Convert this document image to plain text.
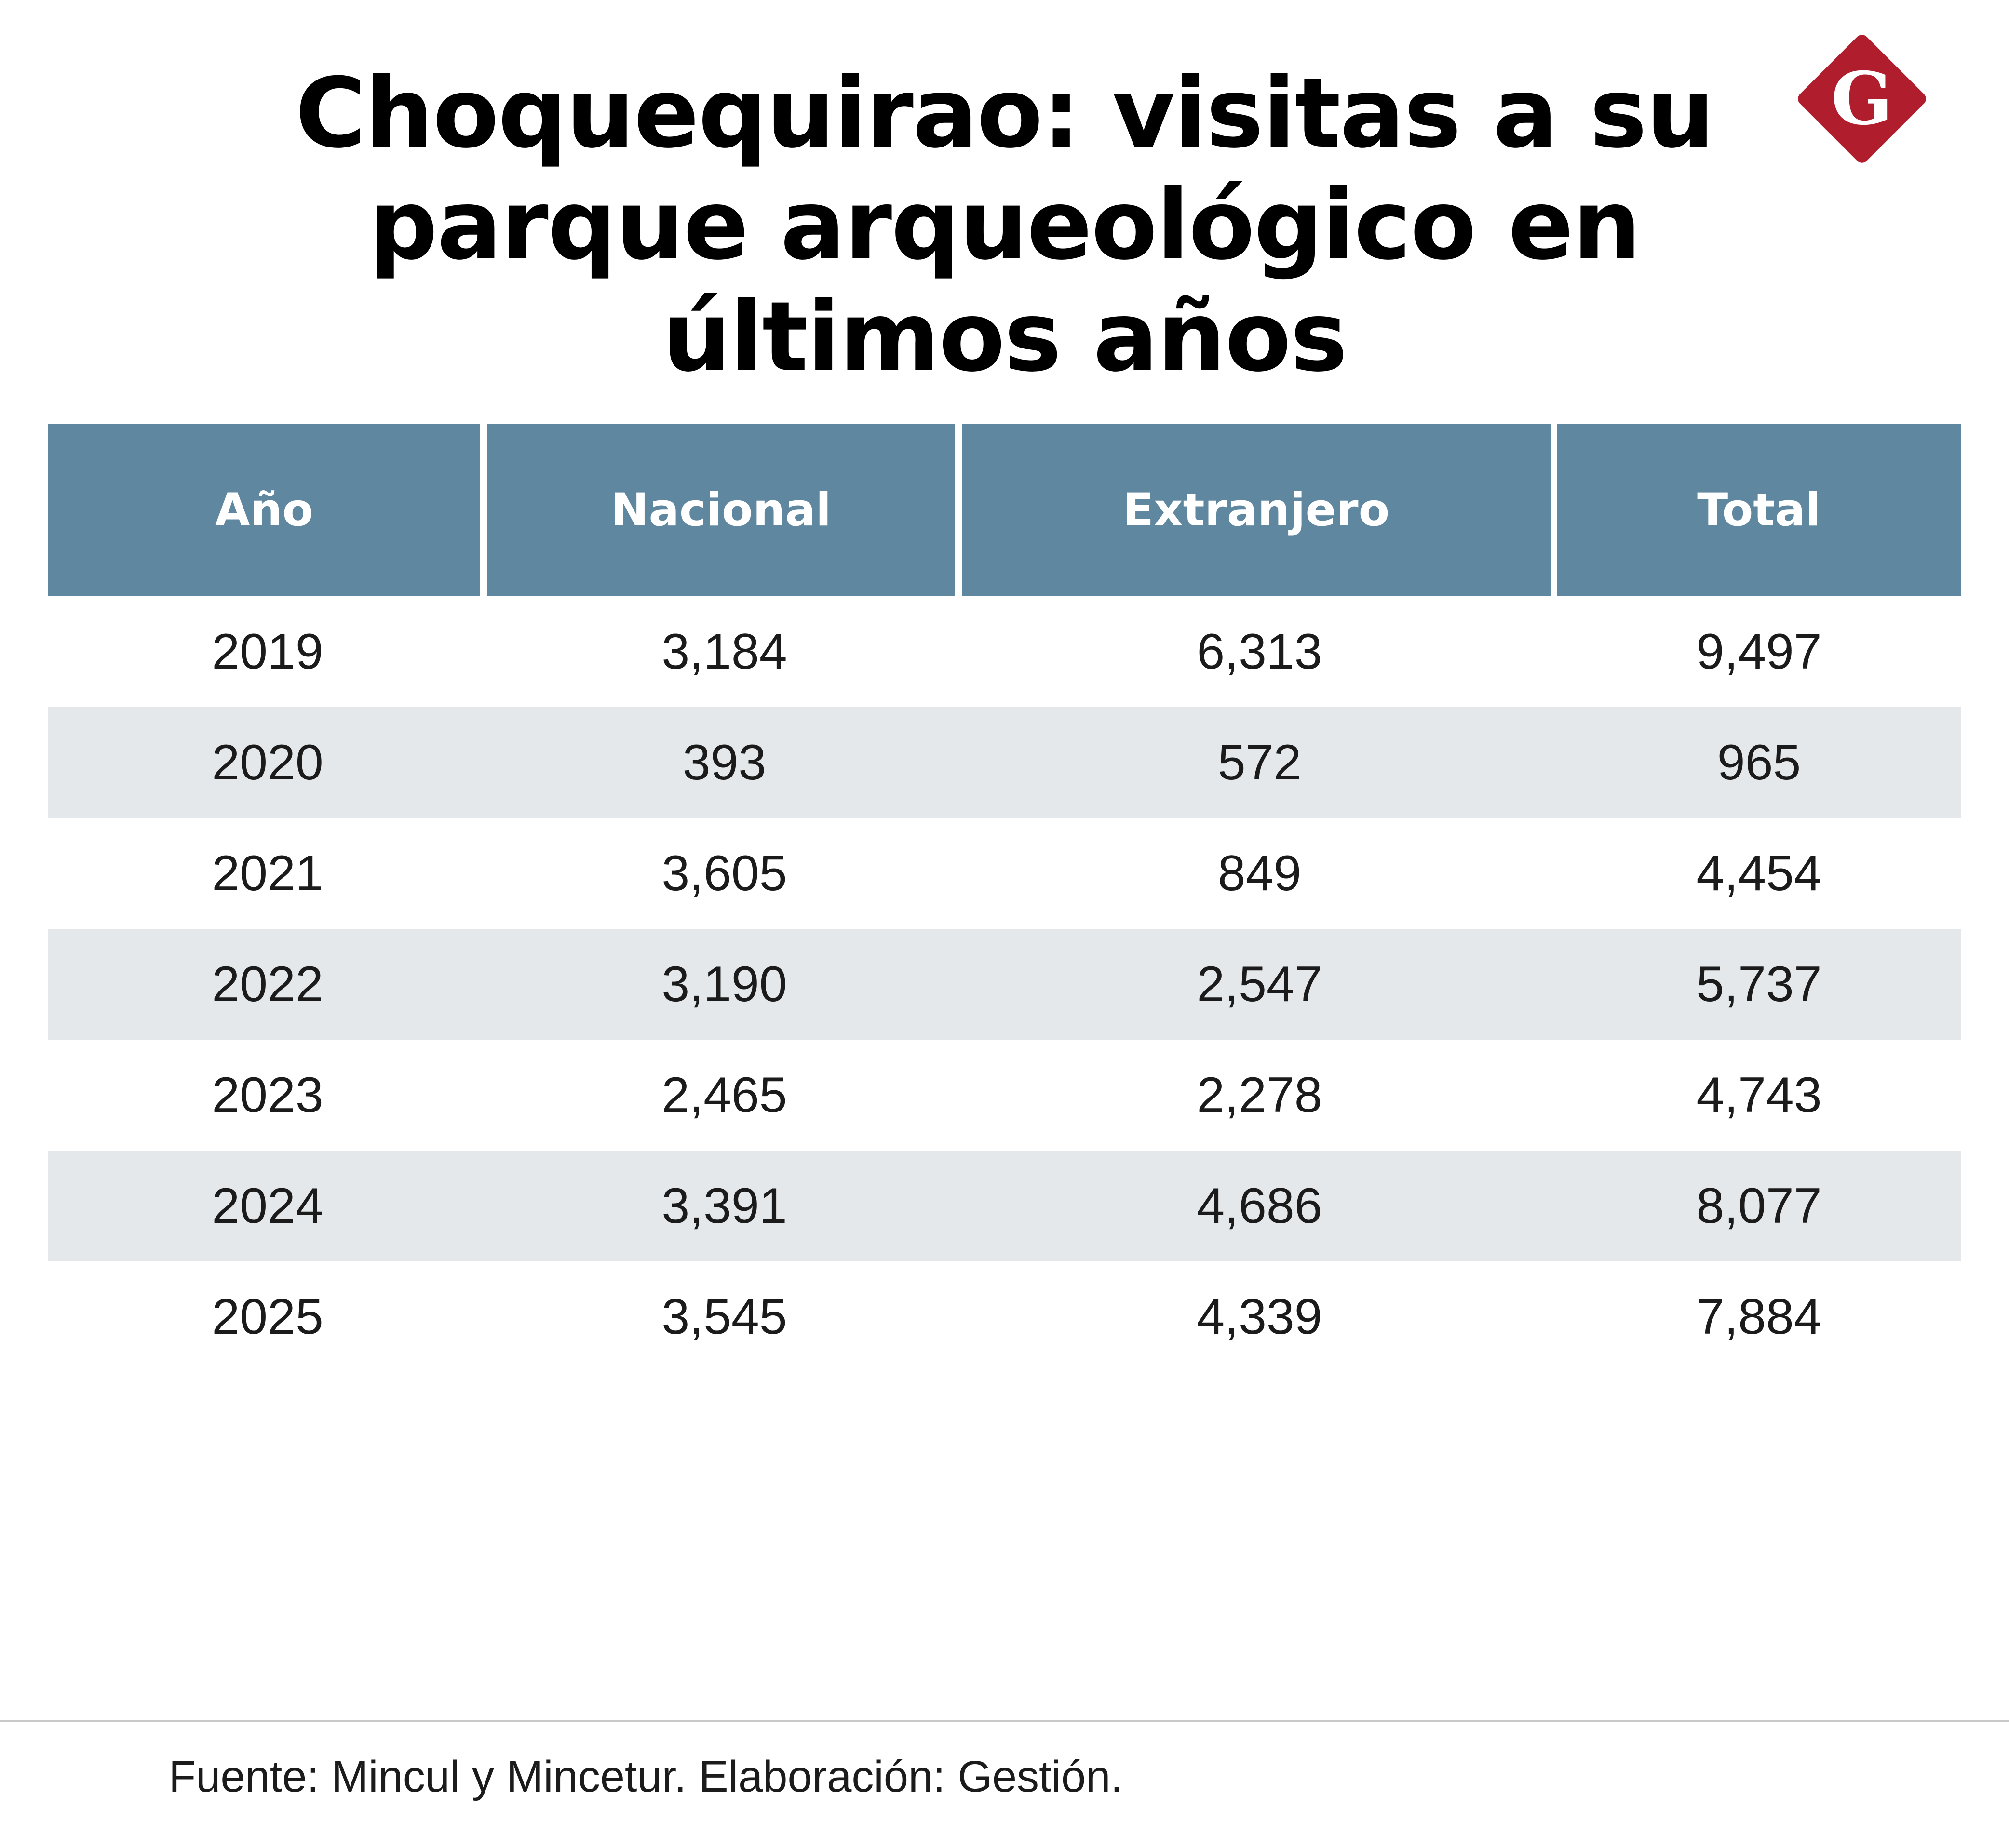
Choquequirao: visitas a su parque arqueológico en últimos años
G
Año	Nacional	Extranjero	Total
2019	3,184	6,313	9,497
2020	393	572	965
2021	3,605	849	4,454
2022	3,190	2,547	5,737
2023	2,465	2,278	4,743
2024	3,391	4,686	8,077
2025	3,545	4,339	7,884
Fuente: Mincul y Mincetur. Elaboración: Gestión.
